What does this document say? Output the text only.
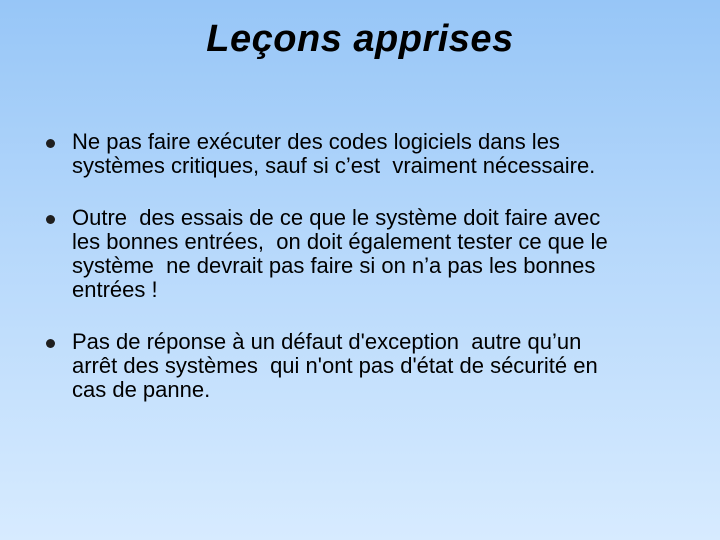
Leçons apprises
Ne pas faire exécuter des codes logiciels dans les
systèmes critiques, sauf si c’est  vraiment nécessaire.
Outre  des essais de ce que le système doit faire avec
les bonnes entrées,  on doit également tester ce que le
système  ne devrait pas faire si on n’a pas les bonnes
entrées !
Pas de réponse à un défaut d'exception  autre qu’un
arrêt des systèmes  qui n'ont pas d'état de sécurité en
cas de panne.
